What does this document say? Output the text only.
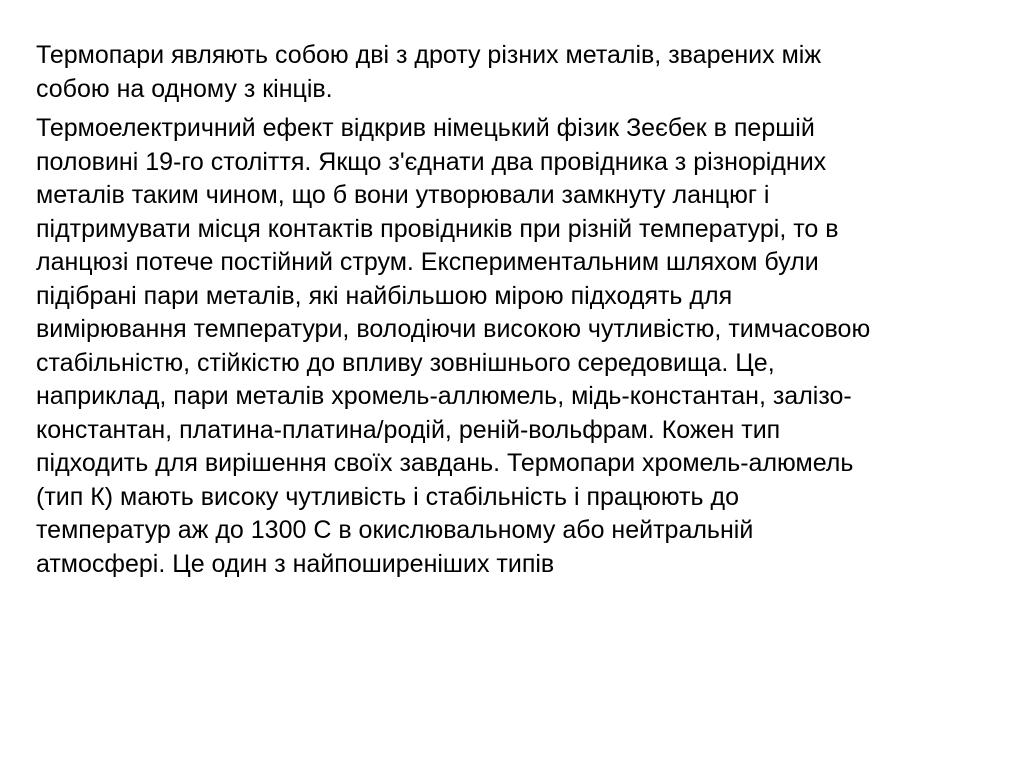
Термопари являють собою дві з дроту різних металів, зварених між
собою на одному з кінців.

Термоелектричний ефект відкрив німецький фізик Зеєбек в першій
половині 19-го століття. Якщо з'єднати два провідника з різнорідних
металів таким чином, що б вони утворювали замкнуту ланцюг і
підтримувати місця контактів провідників при різній температурі, то в
ланцюзі потече постійний струм. Експериментальним шляхом були
підібрані пари металів, які найбільшою мірою підходять для
вимірювання температури, володіючи високою чутливістю, тимчасовою
стабільністю, стійкістю до впливу зовнішнього середовища. Це,
наприклад, пари металів хромель-аллюмель, мідь-константан, залізо-
константан, платина-платина/родій, реній-вольфрам. Кожен тип
підходить для вирішення своїх завдань. Термопари хромель-алюмель
(тип К) мають високу чутливість і стабільність і працюють до
температур аж до 1300 С в окислювальному або нейтральній
атмосфері. Це один з найпоширеніших типів
